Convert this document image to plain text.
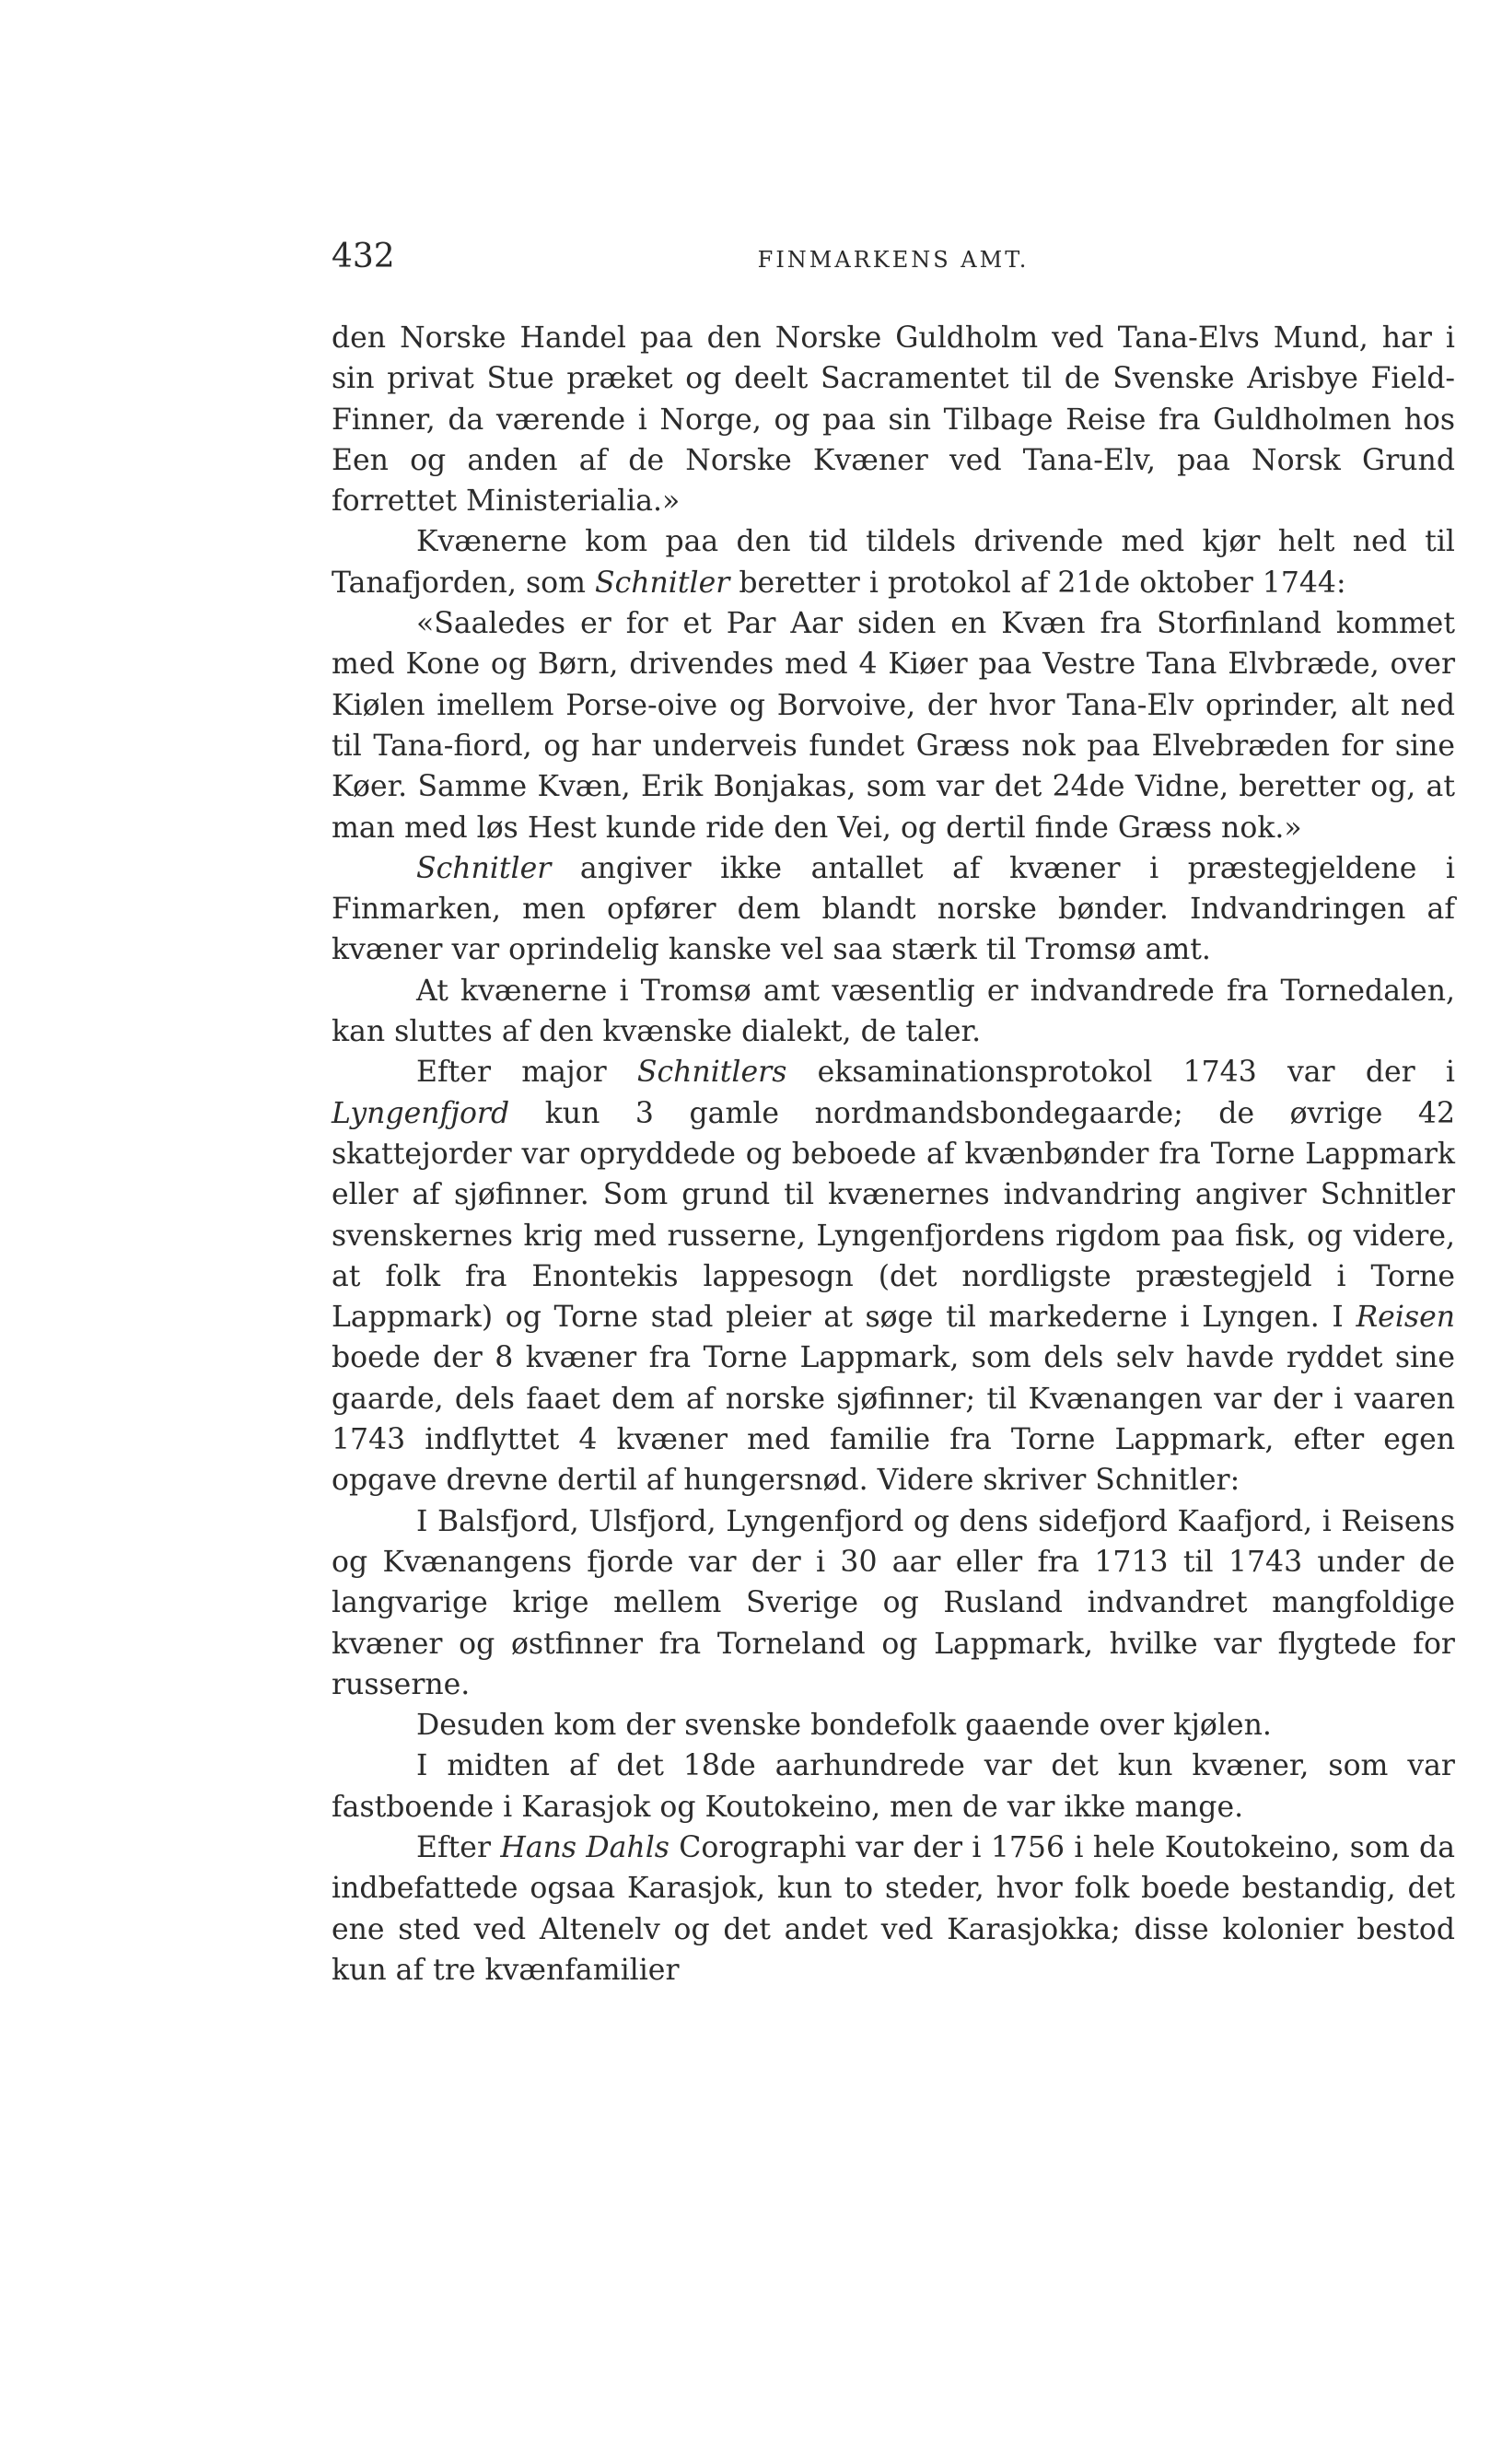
432	FINMARKENS AMT.

den Norske Handel paa den Norske Guldholm ved Tana-Elvs Mund, har i sin privat Stue præket og deelt Sacramentet til de Svenske Arisbye Field-Finner, da værende i Norge, og paa sin Tilbage Reise fra Guldholmen hos Een og anden af de Norske Kvæner ved Tana-Elv, paa Norsk Grund forrettet Ministerialia.»

Kvænerne kom paa den tid tildels drivende med kjør helt ned til Tanafjorden, som Schnitler beretter i protokol af 21de oktober 1744:

«Saaledes er for et Par Aar siden en Kvæn fra Storfinland kommet med Kone og Børn, drivendes med 4 Kiøer paa Vestre Tana Elvbræde, over Kiølen imellem Porse-oive og Borvoive, der hvor Tana-Elv oprinder, alt ned til Tana-fiord, og har underveis fundet Græss nok paa Elvebræden for sine Køer. Samme Kvæn, Erik Bonjakas, som var det 24de Vidne, beretter og, at man med løs Hest kunde ride den Vei, og dertil finde Græss nok.»

Schnitler angiver ikke antallet af kvæner i præstegjeldene i Finmarken, men opfører dem blandt norske bønder. Indvandringen af kvæner var oprindelig kanske vel saa stærk til Tromsø amt.

At kvænerne i Tromsø amt væsentlig er indvandrede fra Tornedalen, kan sluttes af den kvænske dialekt, de taler.

Efter major Schnitlers eksaminationsprotokol 1743 var der i Lyngenfjord kun 3 gamle nordmandsbondegaarde; de øvrige 42 skattejorder var opryddede og beboede af kvænbønder fra Torne Lappmark eller af sjøfinner. Som grund til kvænernes indvandring angiver Schnitler svenskernes krig med russerne, Lyngenfjordens rigdom paa fisk, og videre, at folk fra Enontekis lappesogn (det nordligste præstegjeld i Torne Lappmark) og Torne stad pleier at søge til markederne i Lyngen. I Reisen boede der 8 kvæner fra Torne Lappmark, som dels selv havde ryddet sine gaarde, dels faaet dem af norske sjøfinner; til Kvænangen var der i vaaren 1743 indflyttet 4 kvæner med familie fra Torne Lappmark, efter egen opgave drevne dertil af hungersnød. Videre skriver Schnitler:

I Balsfjord, Ulsfjord, Lyngenfjord og dens sidefjord Kaafjord, i Reisens og Kvænangens fjorde var der i 30 aar eller fra 1713 til 1743 under de langvarige krige mellem Sverige og Rusland indvandret mangfoldige kvæner og østfinner fra Torneland og Lappmark, hvilke var flygtede for russerne.

Desuden kom der svenske bondefolk gaaende over kjølen.

I midten af det 18de aarhundrede var det kun kvæner, som var fastboende i Karasjok og Koutokeino, men de var ikke mange.

Efter Hans Dahls Corographi var der i 1756 i hele Koutokeino, som da indbefattede ogsaa Karasjok, kun to steder, hvor folk boede bestandig, det ene sted ved Altenelv og det andet ved Karasjokka; disse kolonier bestod kun af tre kvænfamilier
